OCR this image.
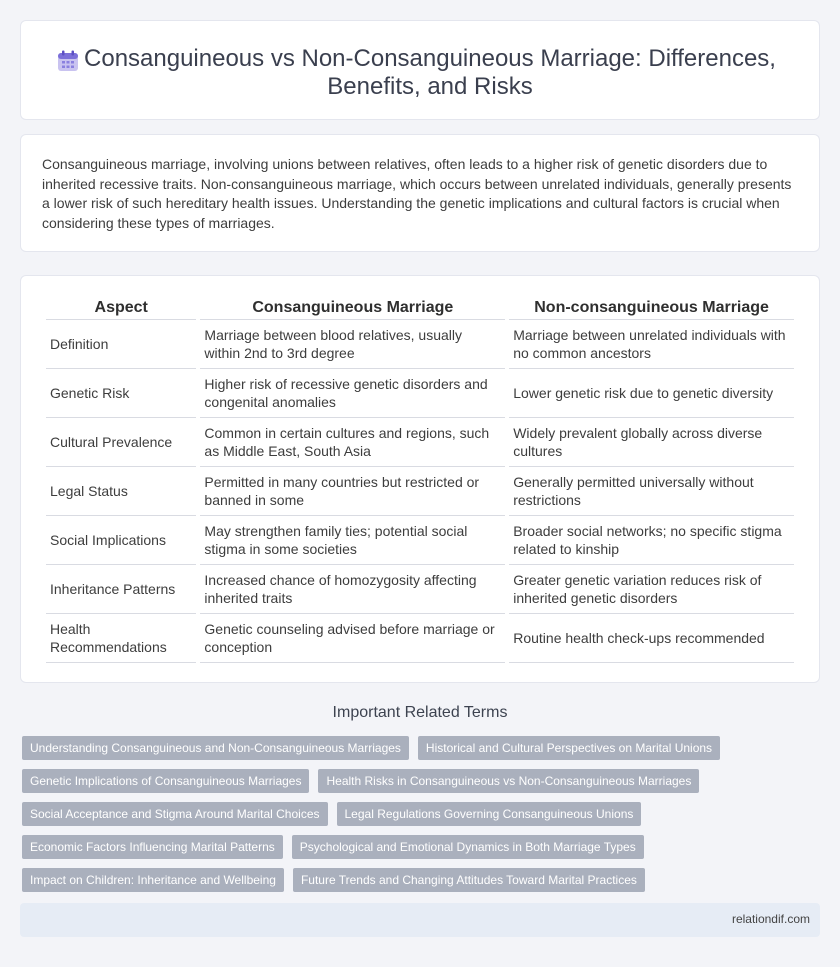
Consanguineous vs Non-Consanguineous Marriage: Differences,
Benefits, and Risks

Consanguineous marriage, involving unions between relatives, often leads to a higher risk of genetic disorders due to inherited recessive traits. Non-consanguineous marriage, which occurs between unrelated individuals, generally presents a lower risk of such hereditary health issues. Understanding the genetic implications and cultural factors is crucial when considering these types of marriages.

Aspect	Consanguineous Marriage	Non-consanguineous Marriage
Definition	Marriage between blood relatives, usually within 2nd to 3rd degree	Marriage between unrelated individuals with no common ancestors
Genetic Risk	Higher risk of recessive genetic disorders and congenital anomalies	Lower genetic risk due to genetic diversity
Cultural Prevalence	Common in certain cultures and regions, such as Middle East, South Asia	Widely prevalent globally across diverse cultures
Legal Status	Permitted in many countries but restricted or banned in some	Generally permitted universally without restrictions
Social Implications	May strengthen family ties; potential social stigma in some societies	Broader social networks; no specific stigma related to kinship
Inheritance Patterns	Increased chance of homozygosity affecting inherited traits	Greater genetic variation reduces risk of inherited genetic disorders
Health Recommendations	Genetic counseling advised before marriage or conception	Routine health check-ups recommended
Important Related Terms
Understanding Consanguineous and Non-Consanguineous Marriages	Historical and Cultural Perspectives on Marital Unions
Genetic Implications of Consanguineous Marriages	Health Risks in Consanguineous vs Non-Consanguineous Marriages
Social Acceptance and Stigma Around Marital Choices	Legal Regulations Governing Consanguineous Unions
Economic Factors Influencing Marital Patterns	Psychological and Emotional Dynamics in Both Marriage Types
Impact on Children: Inheritance and Wellbeing	Future Trends and Changing Attitudes Toward Marital Practices
relationdif.com
